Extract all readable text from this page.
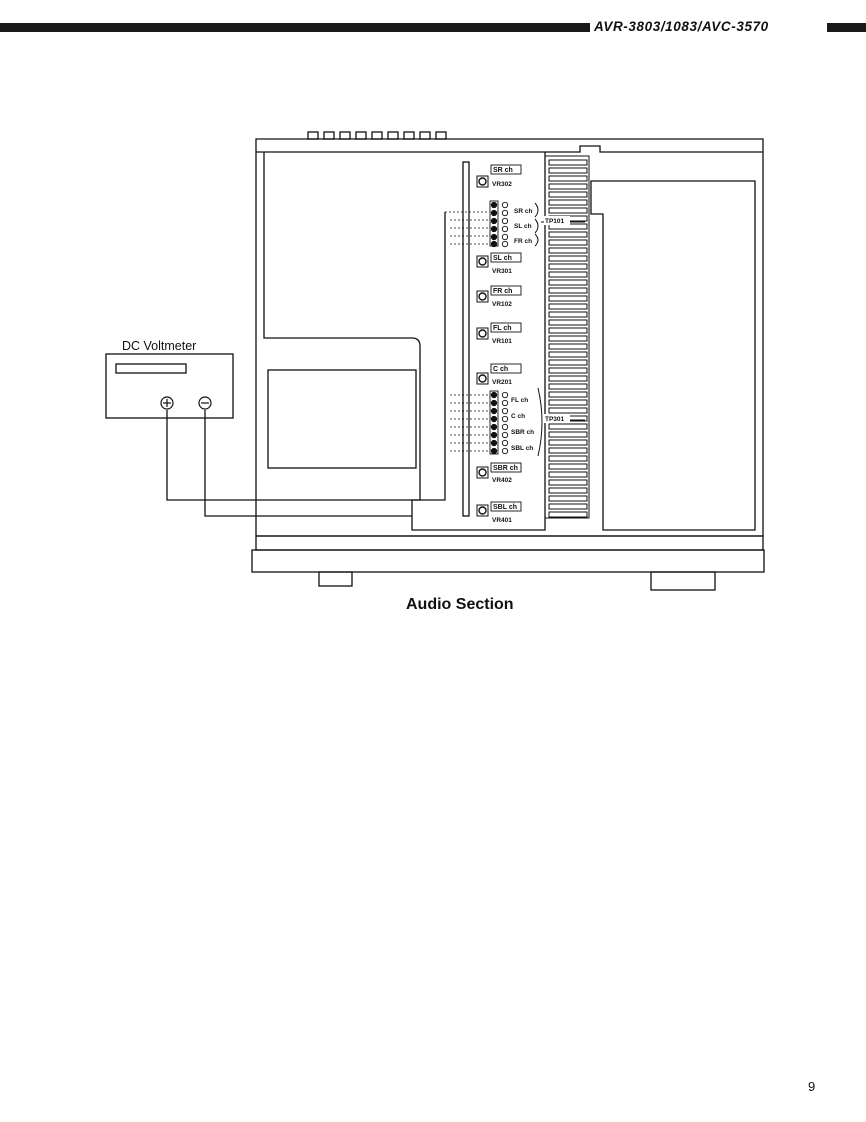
AVR-3803/1083/AVC-3570
SR ch
SL ch
FR ch
FL ch
C ch
SBR ch
SBL ch
TP101
TP301
SR ch
VR302
SL ch
VR301
FR ch
VR102
FL ch
VR101
C ch
VR201
SBR ch
VR402
SBL ch
VR401
DC Voltmeter
Audio Section
9
